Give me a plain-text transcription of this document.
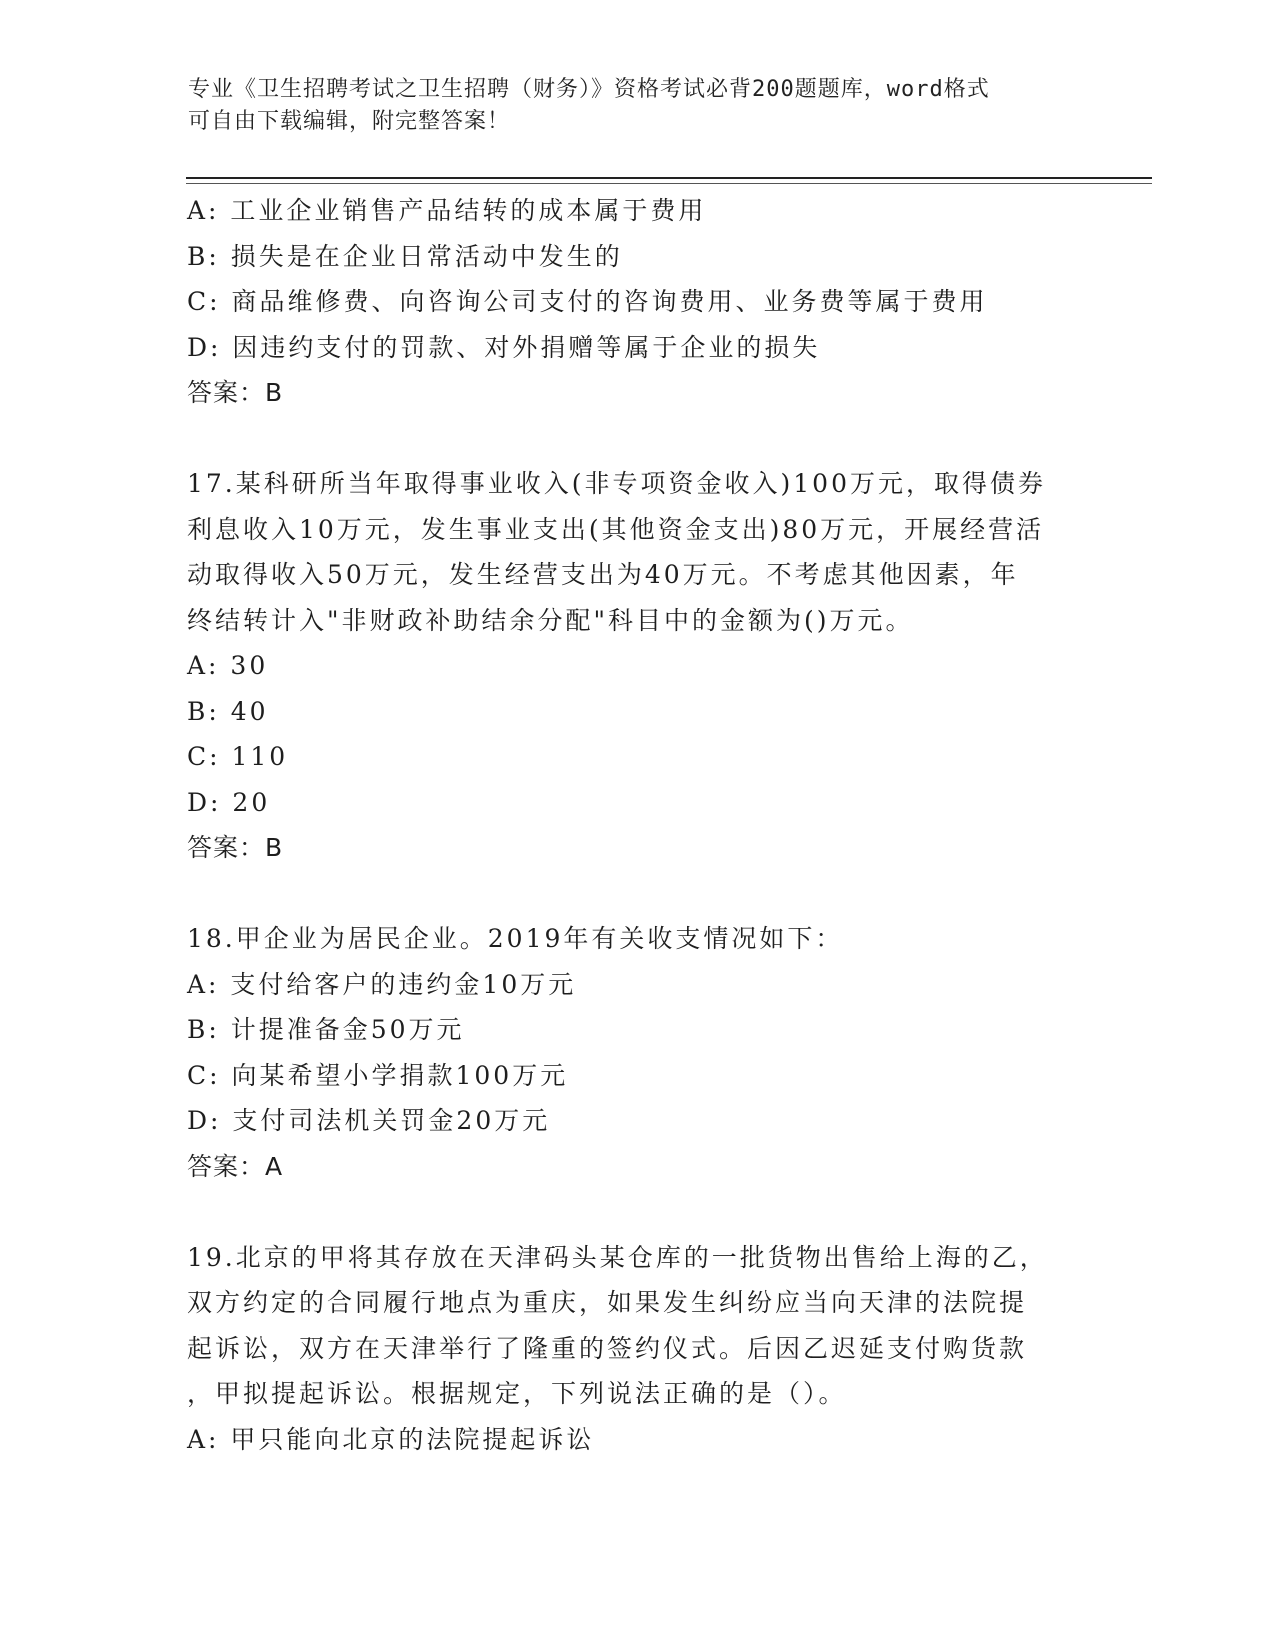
专业《卫生招聘考试之卫生招聘（财务）》资格考试必背200题题库，word格式
可自由下载编辑，附完整答案！
A: 工业企业销售产品结转的成本属于费用
B: 损失是在企业日常活动中发生的
C: 商品维修费、向咨询公司支付的咨询费用、业务费等属于费用
D: 因违约支付的罚款、对外捐赠等属于企业的损失
答案：B
17.某科研所当年取得事业收入(非专项资金收入)100万元，取得债券
利息收入10万元，发生事业支出(其他资金支出)80万元，开展经营活
动取得收入50万元，发生经营支出为40万元。不考虑其他因素，年
终结转计入"非财政补助结余分配"科目中的金额为()万元。
A: 30
B: 40
C: 110
D: 20
答案：B
18.甲企业为居民企业。2019年有关收支情况如下：
A: 支付给客户的违约金10万元
B: 计提准备金50万元
C: 向某希望小学捐款100万元
D: 支付司法机关罚金20万元
答案：A
19.北京的甲将其存放在天津码头某仓库的一批货物出售给上海的乙，
双方约定的合同履行地点为重庆，如果发生纠纷应当向天津的法院提
起诉讼，双方在天津举行了隆重的签约仪式。后因乙迟延支付购货款
，甲拟提起诉讼。根据规定，下列说法正确的是（）。
A: 甲只能向北京的法院提起诉讼
